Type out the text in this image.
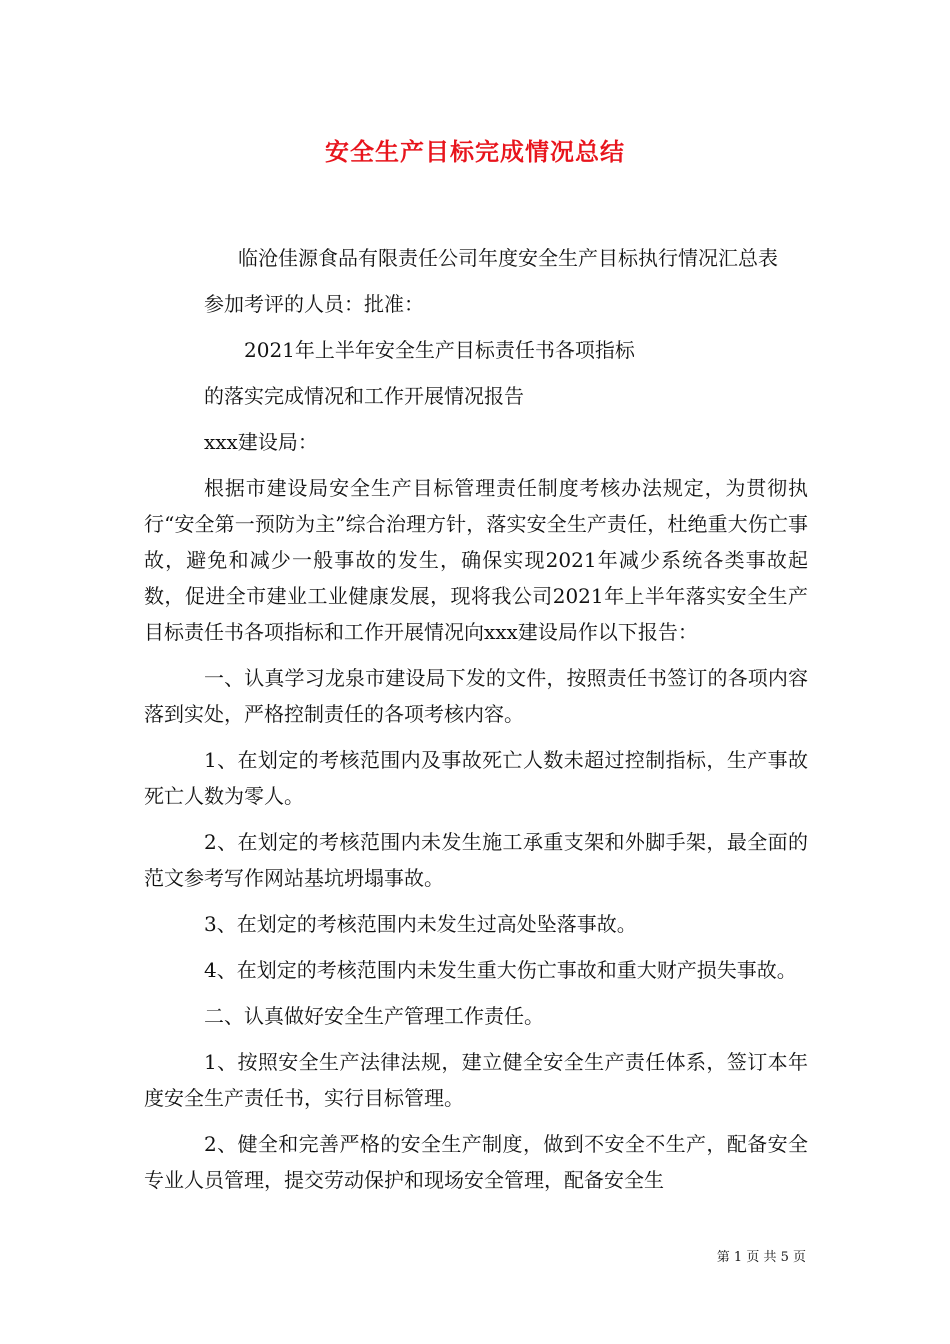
安全生产目标完成情况总结

临沧佳源食品有限责任公司年度安全生产目标执行情况汇总表

参加考评的人员：批准：

2021年上半年安全生产目标责任书各项指标

的落实完成情况和工作开展情况报告

xxx建设局：

根据市建设局安全生产目标管理责任制度考核办法规定，为贯彻执行“安全第一预防为主”综合治理方针，落实安全生产责任，杜绝重大伤亡事故，避免和减少一般事故的发生，确保实现2021年减少系统各类事故起数，促进全市建业工业健康发展，现将我公司2021年上半年落实安全生产目标责任书各项指标和工作开展情况向xxx建设局作以下报告：

一、认真学习龙泉市建设局下发的文件，按照责任书签订的各项内容落到实处，严格控制责任的各项考核内容。

1、在划定的考核范围内及事故死亡人数未超过控制指标，生产事故死亡人数为零人。

2、在划定的考核范围内未发生施工承重支架和外脚手架，最全面的范文参考写作网站基坑坍塌事故。

3、在划定的考核范围内未发生过高处坠落事故。

4、在划定的考核范围内未发生重大伤亡事故和重大财产损失事故。

二、认真做好安全生产管理工作责任。

1、按照安全生产法律法规，建立健全安全生产责任体系，签订本年度安全生产责任书，实行目标管理。

2、健全和完善严格的安全生产制度，做到不安全不生产，配备安全专业人员管理，提交劳动保护和现场安全管理，配备安全生

第 1 页 共 5 页
